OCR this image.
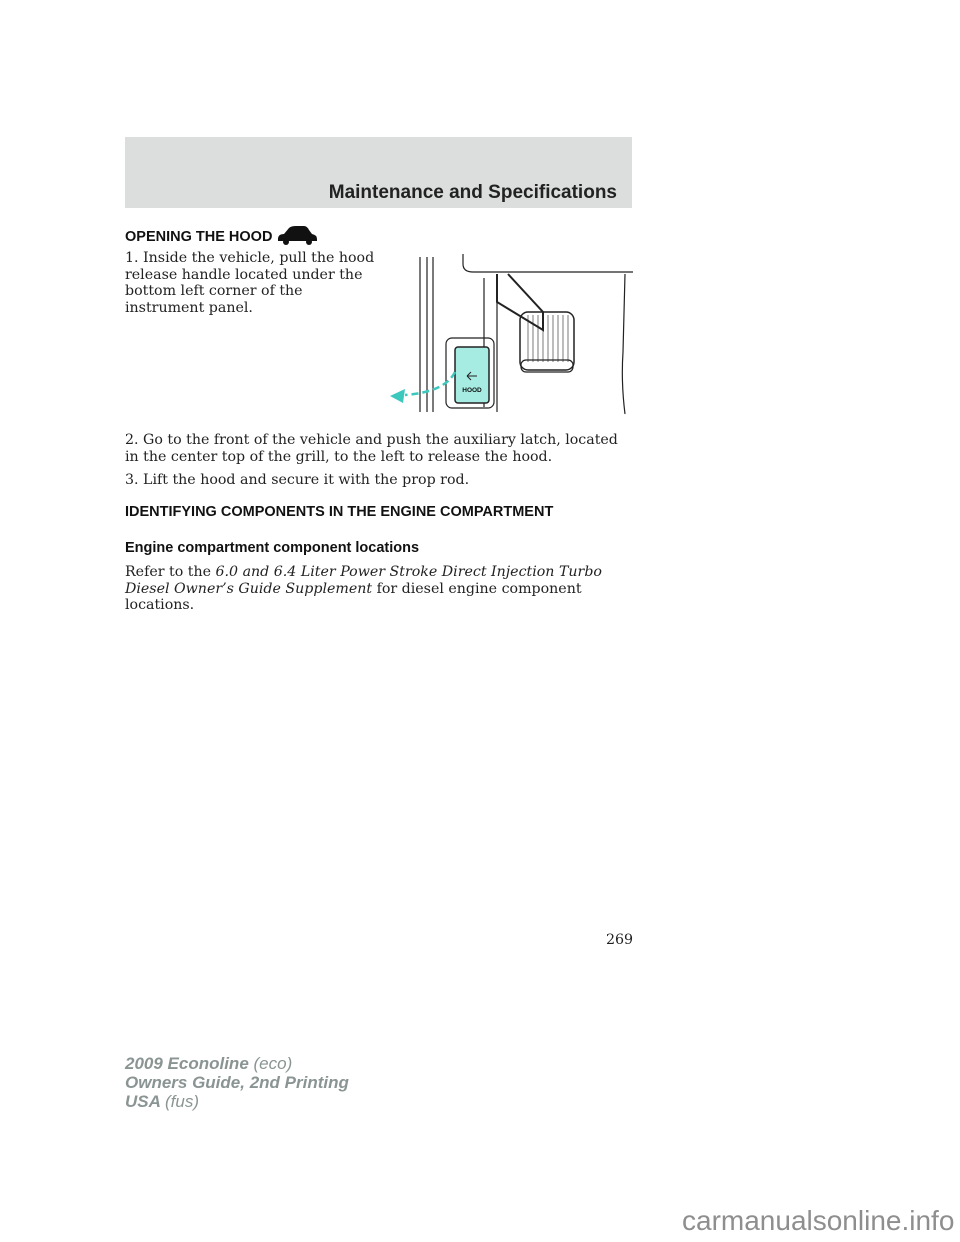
Maintenance and Specifications
OPENING THE HOOD
1. Inside the vehicle, pull the hood release handle located under the bottom left corner of the instrument panel.
HOOD
2. Go to the front of the vehicle and push the auxiliary latch, located in the center top of the grill, to the left to release the hood.
3. Lift the hood and secure it with the prop rod.
IDENTIFYING COMPONENTS IN THE ENGINE COMPARTMENT
Engine compartment component locations
Refer to the 6.0 and 6.4 Liter Power Stroke Direct Injection Turbo Diesel Owner’s Guide Supplement for diesel engine component locations.
269
2009 Econoline (eco)
Owners Guide, 2nd Printing
USA (fus)
carmanualsonline.info
